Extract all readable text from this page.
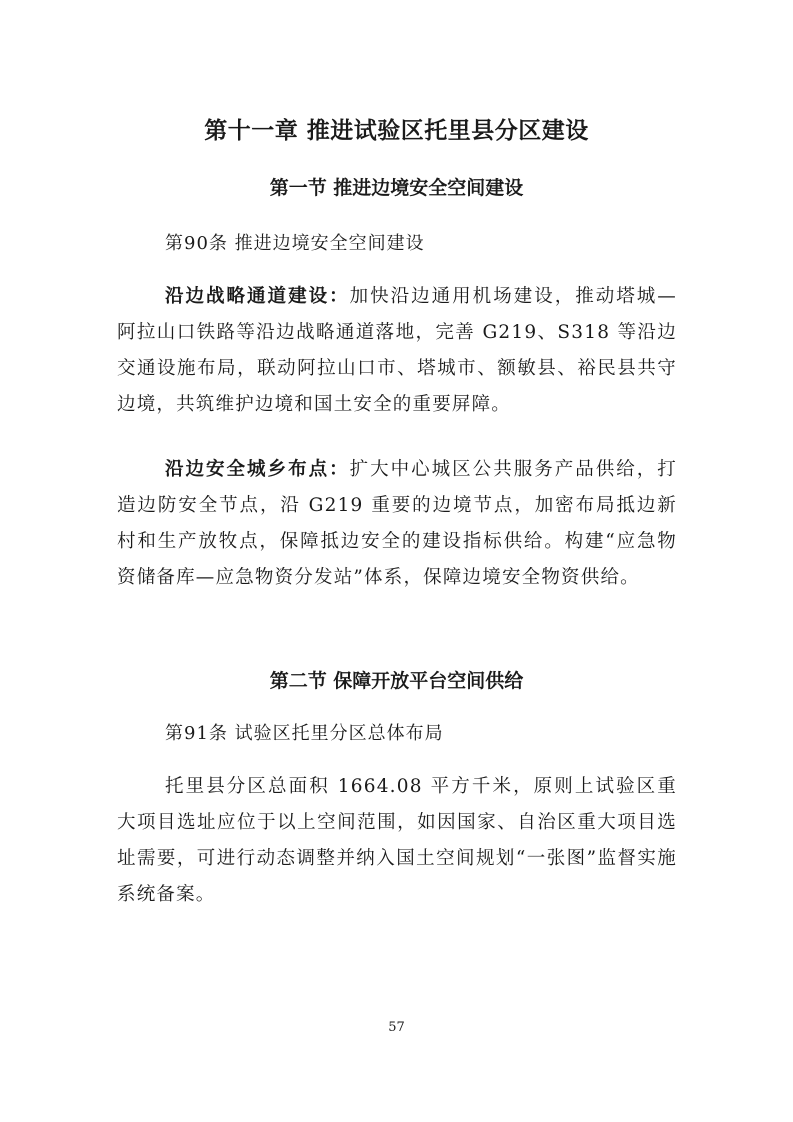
第十一章 推进试验区托里县分区建设
第一节 推进边境安全空间建设

第90条 推进边境安全空间建设

沿边战略通道建设：加快沿边通用机场建设，推动塔城—阿拉山口铁路等沿边战略通道落地，完善 G219、S318 等沿边交通设施布局，联动阿拉山口市、塔城市、额敏县、裕民县共守边境，共筑维护边境和国土安全的重要屏障。

沿边安全城乡布点：扩大中心城区公共服务产品供给，打造边防安全节点，沿 G219 重要的边境节点，加密布局抵边新村和生产放牧点，保障抵边安全的建设指标供给。构建“应急物资储备库—应急物资分发站”体系，保障边境安全物资供给。

第二节 保障开放平台空间供给

第91条 试验区托里分区总体布局

托里县分区总面积 1664.08 平方千米，原则上试验区重大项目选址应位于以上空间范围，如因国家、自治区重大项目选址需要，可进行动态调整并纳入国土空间规划“一张图”监督实施系统备案。

57
